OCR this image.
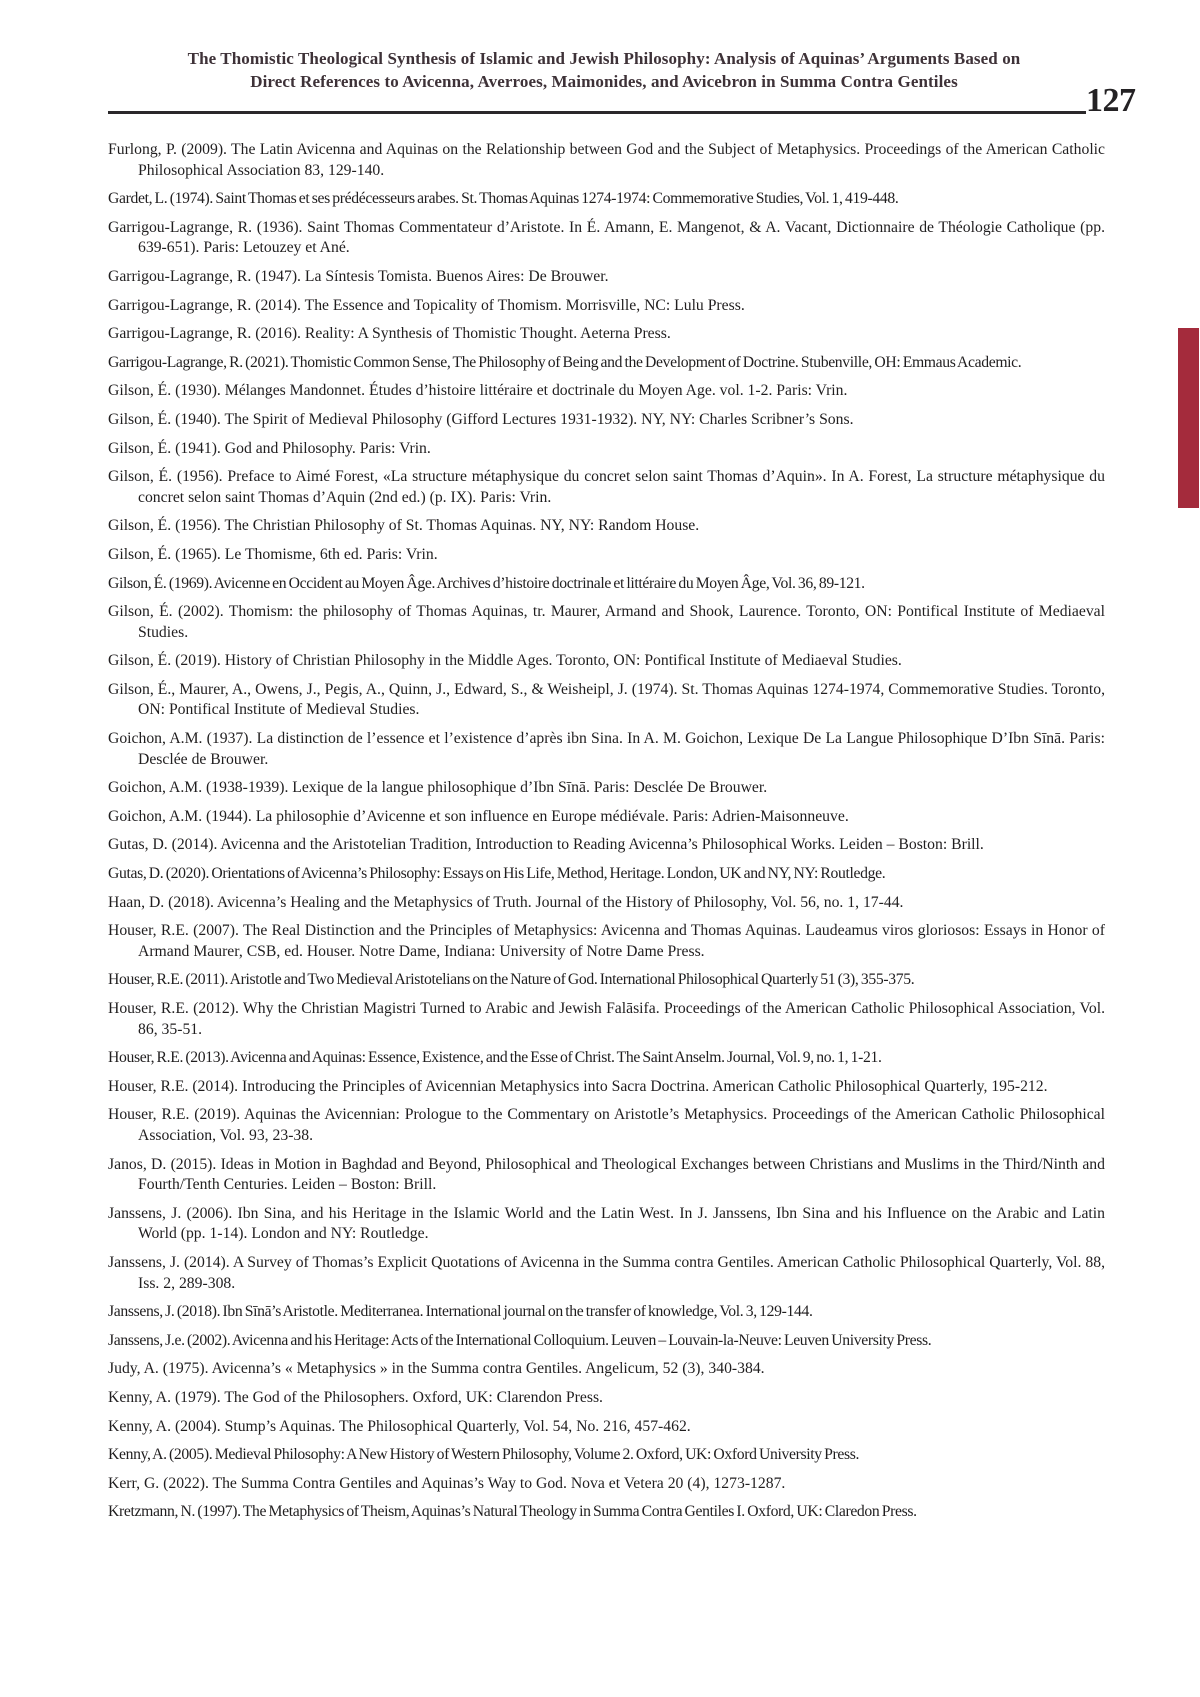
The Thomistic Theological Synthesis of Islamic and Jewish Philosophy: Analysis of Aquinas’ Arguments Based on
Direct References to Avicenna, Averroes, Maimonides, and Avicebron in Summa Contra Gentiles
127
Furlong, P. (2009). The Latin Avicenna and Aquinas on the Relationship between God and the Subject of Metaphysics. Proceedings of the American Catholic Philosophical Association 83, 129-140.
Gardet, L. (1974). Saint Thomas et ses prédécesseurs arabes. St. Thomas Aquinas 1274-1974: Commemorative Studies, Vol. 1, 419-448.
Garrigou-Lagrange, R. (1936). Saint Thomas Commentateur d’Aristote. In É. Amann, E. Mangenot, & A. Vacant, Dictionnaire de Théologie Catholique (pp. 639-651). Paris: Letouzey et Ané.
Garrigou-Lagrange, R. (1947). La Síntesis Tomista. Buenos Aires: De Brouwer.
Garrigou-Lagrange, R. (2014). The Essence and Topicality of Thomism. Morrisville, NC: Lulu Press.
Garrigou-Lagrange, R. (2016). Reality: A Synthesis of Thomistic Thought. Aeterna Press.
Garrigou-Lagrange, R. (2021). Thomistic Common Sense, The Philosophy of Being and the Development of Doctrine. Stubenville, OH: Emmaus Academic.
Gilson, É. (1930). Mélanges Mandonnet. Études d’histoire littéraire et doctrinale du Moyen Age. vol. 1-2. Paris: Vrin.
Gilson, É. (1940). The Spirit of Medieval Philosophy (Gifford Lectures 1931-1932). NY, NY: Charles Scribner’s Sons.
Gilson, É. (1941). God and Philosophy. Paris: Vrin.
Gilson, É. (1956). Preface to Aimé Forest, «La structure métaphysique du concret selon saint Thomas d’Aquin». In A. Forest, La structure métaphysique du concret selon saint Thomas d’Aquin (2nd ed.) (p. IX). Paris: Vrin.
Gilson, É. (1956). The Christian Philosophy of St. Thomas Aquinas. NY, NY: Random House.
Gilson, É. (1965). Le Thomisme, 6th ed. Paris: Vrin.
Gilson, É. (1969). Avicenne en Occident au Moyen Âge. Archives d’histoire doctrinale et littéraire du Moyen Âge, Vol. 36, 89-121.
Gilson, É. (2002). Thomism: the philosophy of Thomas Aquinas, tr. Maurer, Armand and Shook, Laurence. Toronto, ON: Pontifical Institute of Mediaeval Studies.
Gilson, É. (2019). History of Christian Philosophy in the Middle Ages. Toronto, ON: Pontifical Institute of Mediaeval Studies.
Gilson, É., Maurer, A., Owens, J., Pegis, A., Quinn, J., Edward, S., & Weisheipl, J. (1974). St. Thomas Aquinas 1274-1974, Commemorative Studies. Toronto, ON: Pontifical Institute of Medieval Studies.
Goichon, A.M. (1937). La distinction de l’essence et l’existence d’après ibn Sina. In A. M. Goichon, Lexique De La Langue Philosophique D’Ibn Sīnā. Paris: Desclée de Brouwer.
Goichon, A.M. (1938-1939). Lexique de la langue philosophique d’Ibn Sīnā. Paris: Desclée De Brouwer.
Goichon, A.M. (1944). La philosophie d’Avicenne et son influence en Europe médiévale. Paris: Adrien-Maisonneuve.
Gutas, D. (2014). Avicenna and the Aristotelian Tradition, Introduction to Reading Avicenna’s Philosophical Works. Leiden – Boston: Brill.
Gutas, D. (2020). Orientations of Avicenna’s Philosophy: Essays on His Life, Method, Heritage. London, UK and NY, NY: Routledge.
Haan, D. (2018). Avicenna’s Healing and the Metaphysics of Truth. Journal of the History of Philosophy, Vol. 56, no. 1, 17-44.
Houser, R.E. (2007). The Real Distinction and the Principles of Metaphysics: Avicenna and Thomas Aquinas. Laudeamus viros gloriosos: Essays in Honor of Armand Maurer, CSB, ed. Houser. Notre Dame, Indiana: University of Notre Dame Press.
Houser, R.E. (2011). Aristotle and Two Medieval Aristotelians on the Nature of God. International Philosophical Quarterly 51 (3), 355-375.
Houser, R.E. (2012). Why the Christian Magistri Turned to Arabic and Jewish Falāsifa. Proceedings of the American Catholic Philosophical Association, Vol. 86, 35-51.
Houser, R.E. (2013). Avicenna and Aquinas: Essence, Existence, and the Esse of Christ. The Saint Anselm. Journal, Vol. 9, no. 1, 1-21.
Houser, R.E. (2014). Introducing the Principles of Avicennian Metaphysics into Sacra Doctrina. American Catholic Philosophical Quarterly, 195-212.
Houser, R.E. (2019). Aquinas the Avicennian: Prologue to the Commentary on Aristotle’s Metaphysics. Proceedings of the American Catholic Philosophical Association, Vol. 93, 23-38.
Janos, D. (2015). Ideas in Motion in Baghdad and Beyond, Philosophical and Theological Exchanges between Christians and Muslims in the Third/Ninth and Fourth/Tenth Centuries. Leiden – Boston: Brill.
Janssens, J. (2006). Ibn Sina, and his Heritage in the Islamic World and the Latin West. In J. Janssens, Ibn Sina and his Influence on the Arabic and Latin World (pp. 1-14). London and NY: Routledge.
Janssens, J. (2014). A Survey of Thomas’s Explicit Quotations of Avicenna in the Summa contra Gentiles. American Catholic Philosophical Quarterly, Vol. 88, Iss. 2, 289-308.
Janssens, J. (2018). Ibn Sīnā’s Aristotle. Mediterranea. International journal on the transfer of knowledge, Vol. 3, 129-144.
Janssens, J.e. (2002). Avicenna and his Heritage: Acts of the International Colloquium. Leuven – Louvain-la-Neuve: Leuven University Press.
Judy, A. (1975). Avicenna’s « Metaphysics » in the Summa contra Gentiles. Angelicum, 52 (3), 340-384.
Kenny, A. (1979). The God of the Philosophers. Oxford, UK: Clarendon Press.
Kenny, A. (2004). Stump’s Aquinas. The Philosophical Quarterly, Vol. 54, No. 216, 457-462.
Kenny, A. (2005). Medieval Philosophy: A New History of Western Philosophy, Volume 2. Oxford, UK: Oxford University Press.
Kerr, G. (2022). The Summa Contra Gentiles and Aquinas’s Way to God. Nova et Vetera 20 (4), 1273-1287.
Kretzmann, N. (1997). The Metaphysics of Theism, Aquinas’s Natural Theology in Summa Contra Gentiles I. Oxford, UK: Claredon Press.
